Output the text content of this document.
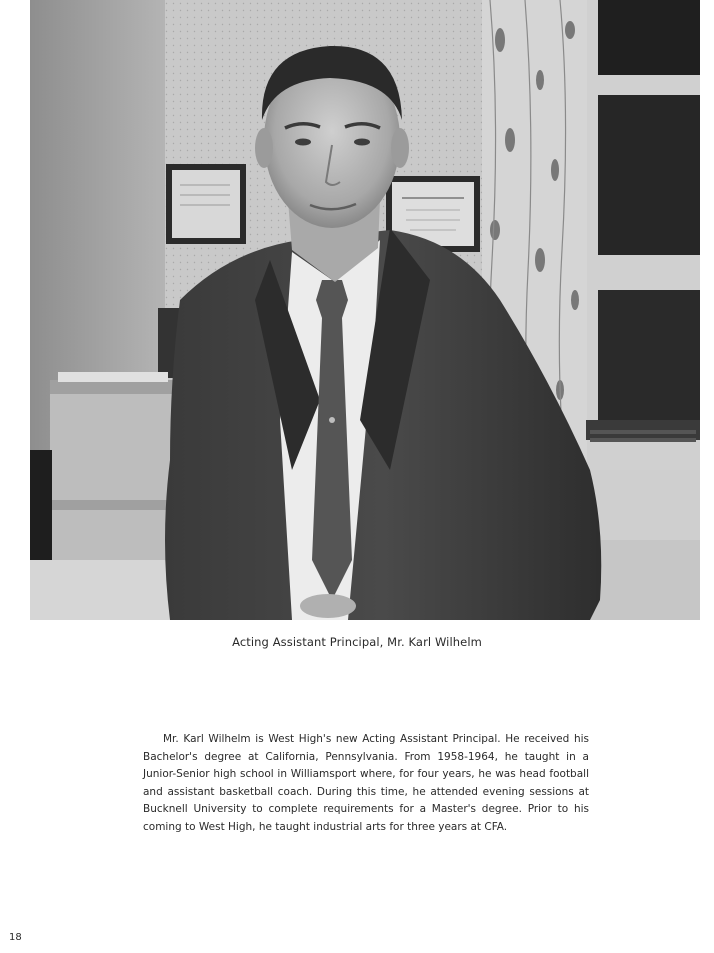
Acting Assistant Principal, Mr. Karl Wilhelm

Mr. Karl Wilhelm is West High's new Acting Assistant Principal. He received his Bachelor's degree at California, Pennsylvania. From 1958-1964, he taught in a Junior-Senior high school in Williamsport where, for four years, he was head football and assistant basketball coach. During this time, he attended evening sessions at Bucknell University to complete requirements for a Master's degree. Prior to his coming to West High, he taught industrial arts for three years at CFA.

18
